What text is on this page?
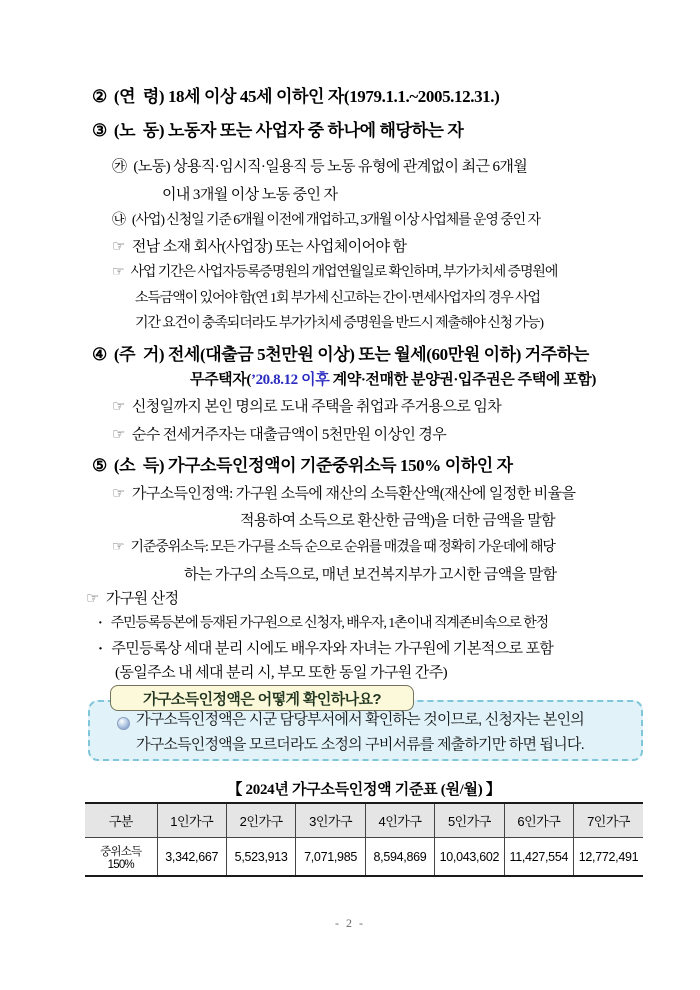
② (연  령) 18세 이상 45세 이하인 자(1979.1.1.~2005.12.31.)
③ (노  동) 노동자 또는 사업자 중 하나에 해당하는 자
㉮ (노동) 상용직·임시직·일용직 등 노동 유형에 관계없이 최근 6개월
이내 3개월 이상 노동 중인 자
㉯ (사업) 신청일 기준 6개월 이전에 개업하고, 3개월 이상 사업체를 운영 중인 자
☞ 전남 소재 회사(사업장) 또는 사업체이어야 함
☞ 사업 기간은 사업자등록증명원의 개업연월일로 확인하며, 부가가치세 증명원에
소득금액이 있어야 함(연 1회 부가세 신고하는 간이·면세사업자의 경우 사업
기간 요건이 충족되더라도 부가가치세 증명원을 반드시 제출해야 신청 가능)
④ (주  거) 전세(대출금 5천만원 이상) 또는 월세(60만원 이하) 거주하는
무주택자(’20.8.12 이후 계약·전매한 분양권·입주권은 주택에 포함)
☞ 신청일까지 본인 명의로 도내 주택을 취업과 주거용으로 임차
☞ 순수 전세거주자는 대출금액이 5천만원 이상인 경우
⑤ (소  득) 가구소득인정액이 기준중위소득 150% 이하인 자
☞ 가구소득인정액: 가구원 소득에 재산의 소득환산액(재산에 일정한 비율을
적용하여 소득으로 환산한 금액)을 더한 금액을 말함
☞ 기준중위소득: 모든 가구를 소득 순으로 순위를 매겼을 때 정확히 가운데에 해당
하는 가구의 소득으로, 매년 보건복지부가 고시한 금액을 말함
☞ 가구원 산정
· 주민등록등본에 등재된 가구원으로 신청자, 배우자, 1촌이내 직계존비속으로 한정
· 주민등록상 세대 분리 시에도 배우자와 자녀는 가구원에 기본적으로 포함
(동일주소 내 세대 분리 시, 부모 또한 동일 가구원 간주)
가구소득인정액은 어떻게 확인하나요?
가구소득인정액은 시군 담당부서에서 확인하는 것이므로, 신청자는 본인의
가구소득인정액을 모르더라도 소정의 구비서류를 제출하기만 하면 됩니다.
【 2024년 가구소득인정액 기준표 (원/월) 】
구분	1인가구	2인가구	3인가구	4인가구	5인가구	6인가구	7인가구
중위소득 150%	3,342,667	5,523,913	7,071,985	8,594,869	10,043,602	11,427,554	12,772,491
- 2 -
